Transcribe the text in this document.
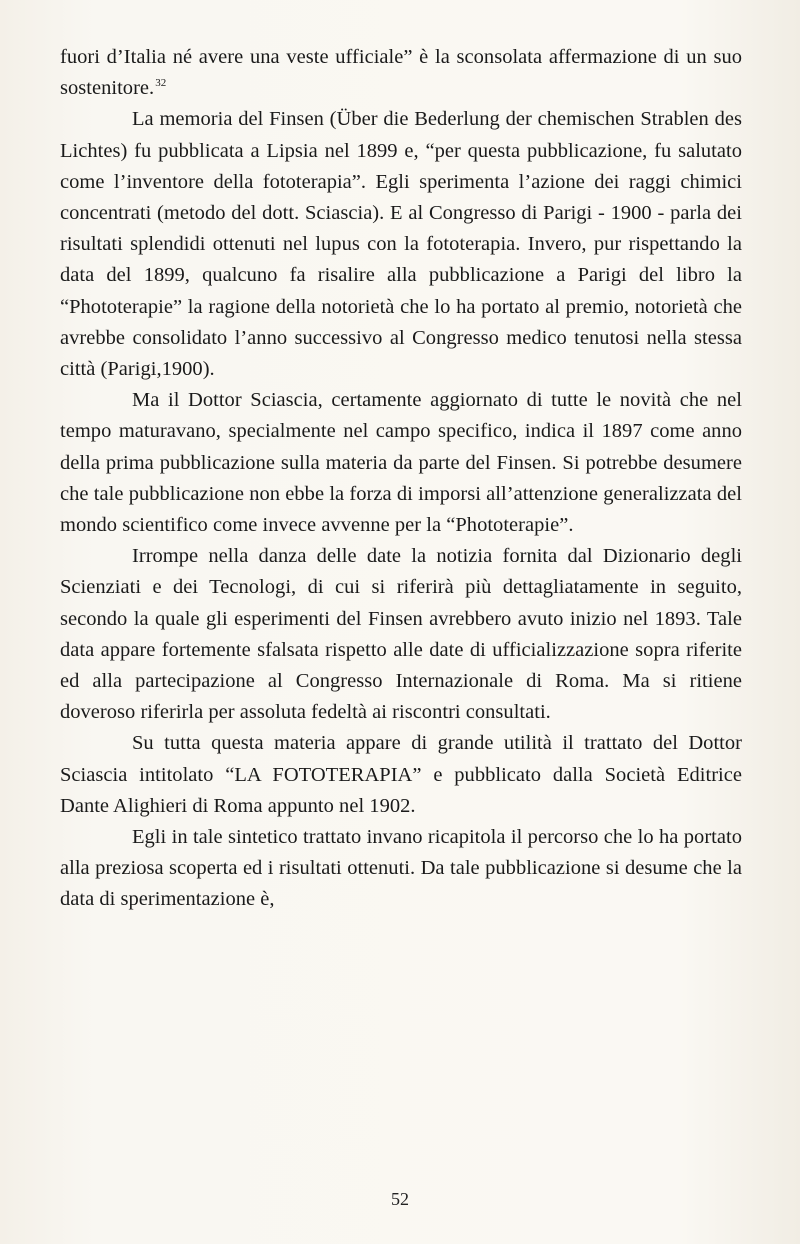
fuori d’Italia né avere una veste ufficiale” è la sconsolata affermazione di un suo sostenitore.$^{32}$

La memoria del Finsen (Über die Bederlung der chemischen Strablen des Lichtes) fu pubblicata a Lipsia nel 1899 e, “per questa pubblicazione, fu salutato come l’inventore della fototerapia”. Egli sperimenta l’azione dei raggi chimici concentrati (metodo del dott. Sciascia). E al Congresso di Parigi - 1900 - parla dei risultati splendidi ottenuti nel lupus con la fototerapia. Invero, pur rispettando la data del 1899, qualcuno fa risalire alla pubblicazione a Parigi del libro la “Phototerapie” la ragione della notorietà che lo ha portato al premio, notorietà che avrebbe consolidato l’anno successivo al Congresso medico tenutosi nella stessa città (Parigi,1900).

Ma il Dottor Sciascia, certamente aggiornato di tutte le novità che nel tempo maturavano, specialmente nel campo specifico, indica il 1897 come anno della prima pubblicazione sulla materia da parte del Finsen. Si potrebbe desumere che tale pubblicazione non ebbe la forza di imporsi all’attenzione generalizzata del mondo scientifico come invece avvenne per la “Phototerapie”.

Irrompe nella danza delle date la notizia fornita dal Dizionario degli Scienziati e dei Tecnologi, di cui si riferirà più dettagliatamente in seguito, secondo la quale gli esperimenti del Finsen avrebbero avuto inizio nel 1893. Tale data appare fortemente sfalsata rispetto alle date di ufficializzazione sopra riferite ed alla partecipazione al Congresso Internazionale di Roma. Ma si ritiene doveroso riferirla per assoluta fedeltà ai riscontri consultati.

Su tutta questa materia appare di grande utilità il trattato del Dottor Sciascia intitolato “LA FOTOTERAPIA” e pubblicato dalla Società Editrice Dante Alighieri di Roma appunto nel 1902.

Egli in tale sintetico trattato invano ricapitola il percorso che lo ha portato alla preziosa scoperta ed i risultati ottenuti. Da tale pubblicazione si desume che la data di sperimentazione è,

52
